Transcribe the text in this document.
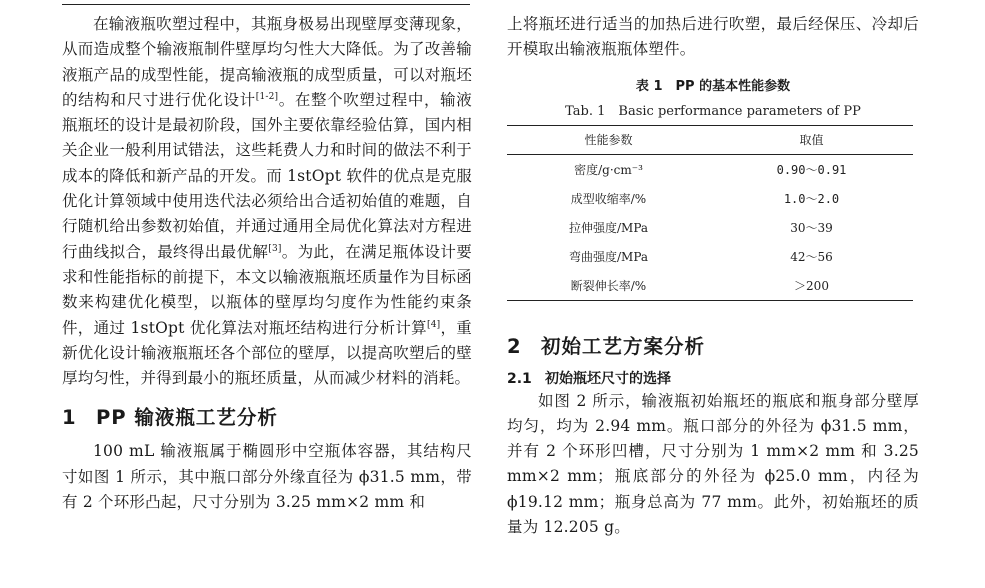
在输液瓶吹塑过程中，其瓶身极易出现壁厚变薄现象，从而造成整个输液瓶制件壁厚均匀性大大降低。为了改善输液瓶产品的成型性能，提高输液瓶的成型质量，可以对瓶坯的结构和尺寸进行优化设计[1-2]。在整个吹塑过程中，输液瓶瓶坯的设计是最初阶段，国外主要依靠经验估算，国内相关企业一般利用试错法，这些耗费人力和时间的做法不利于成本的降低和新产品的开发。而 1stOpt 软件的优点是克服优化计算领域中使用迭代法必须给出合适初始值的难题，自行随机给出参数初始值，并通过通用全局优化算法对方程进行曲线拟合，最终得出最优解[3]。为此，在满足瓶体设计要求和性能指标的前提下，本文以输液瓶瓶坯质量作为目标函数来构建优化模型，以瓶体的壁厚均匀度作为性能约束条件，通过 1stOpt 优化算法对瓶坯结构进行分析计算[4]，重新优化设计输液瓶瓶坯各个部位的壁厚，以提高吹塑后的壁厚均匀性，并得到最小的瓶坯质量，从而减少材料的消耗。

1 PP 输液瓶工艺分析

100 mL 输液瓶属于椭圆形中空瓶体容器，其结构尺寸如图 1 所示，其中瓶口部分外缘直径为 ϕ31.5 mm，带有 2 个环形凸起，尺寸分别为 3.25 mm×2 mm 和

上将瓶坯进行适当的加热后进行吹塑，最后经保压、冷却后开模取出输液瓶瓶体塑件。

表 1　PP 的基本性能参数
Tab. 1　Basic performance parameters of PP
性能参数	取值
密度/g·cm⁻³	0.90～0.91
成型收缩率/%	1.0～2.0
拉伸强度/MPa	30～39
弯曲强度/MPa	42～56
断裂伸长率/%	＞200
2 初始工艺方案分析
2.1 初始瓶坯尺寸的选择

如图 2 所示，输液瓶初始瓶坯的瓶底和瓶身部分壁厚均匀，均为 2.94 mm。瓶口部分的外径为 ϕ31.5 mm，并有 2 个环形凹槽，尺寸分别为 1 mm×2 mm 和 3.25 mm×2 mm；瓶底部分的外径为 ϕ25.0 mm，内径为 ϕ19.12 mm；瓶身总高为 77 mm。此外，初始瓶坯的质量为 12.205 g。
